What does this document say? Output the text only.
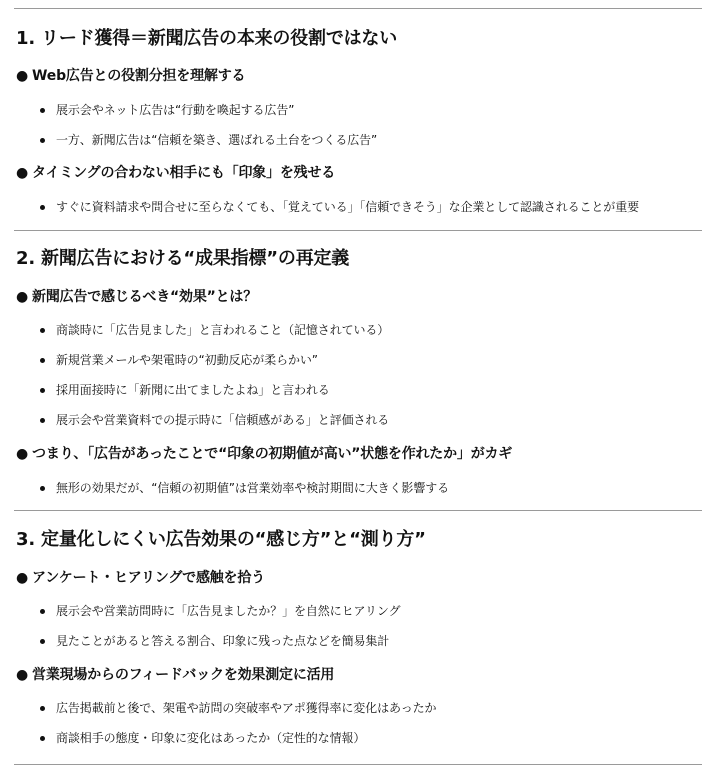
1. リード獲得＝新聞広告の本来の役割ではない
● Web広告との役割分担を理解する
展示会やネット広告は“行動を喚起する広告”
一方、新聞広告は“信頼を築き、選ばれる土台をつくる広告”
● タイミングの合わない相手にも「印象」を残せる
すぐに資料請求や問合せに至らなくても、「覚えている」「信頼できそう」な企業として認識されることが重要
2. 新聞広告における“成果指標”の再定義
● 新聞広告で感じるべき“効果”とは？
商談時に「広告見ました」と言われること（記憶されている）
新規営業メールや架電時の“初動反応が柔らかい”
採用面接時に「新聞に出てましたよね」と言われる
展示会や営業資料での提示時に「信頼感がある」と評価される
● つまり、「広告があったことで“印象の初期値が高い”状態を作れたか」がカギ
無形の効果だが、“信頼の初期値”は営業効率や検討期間に大きく影響する
3. 定量化しにくい広告効果の“感じ方”と“測り方”
● アンケート・ヒアリングで感触を拾う
展示会や営業訪問時に「広告見ましたか？」を自然にヒアリング
見たことがあると答える割合、印象に残った点などを簡易集計
● 営業現場からのフィードバックを効果測定に活用
広告掲載前と後で、架電や訪問の突破率やアポ獲得率に変化はあったか
商談相手の態度・印象に変化はあったか（定性的な情報）
